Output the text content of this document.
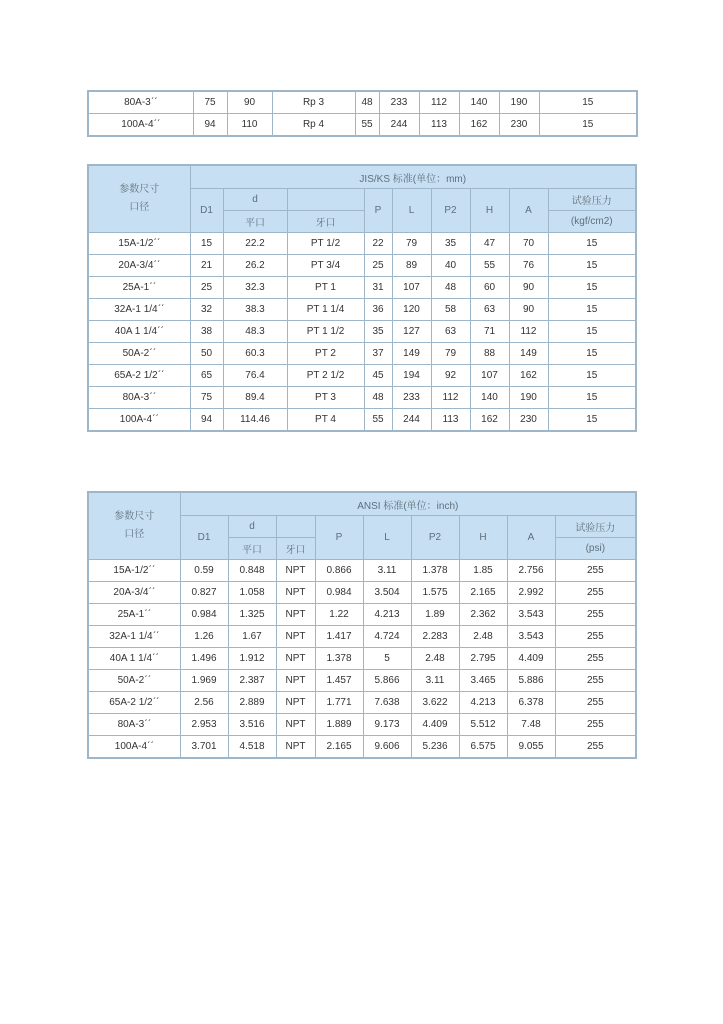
80A-3ˊˊ	75	90	Rp 3	48	233	112	140	190	15
100A-4ˊˊ	94	110	Rp 4	55	244	113	162	230	15
参数尺寸
口径	JIS/KS 标准(单位：mm)								
	D1	d		P	L	P2	H	A	试验压力
		平口	牙口						(kgf/cm2)
15A-1/2ˊˊ	15	22.2	PT 1/2	22	79	35	47	70	15
20A-3/4ˊˊ	21	26.2	PT 3/4	25	89	40	55	76	15
25A-1ˊˊ	25	32.3	PT 1	31	107	48	60	90	15
32A-1 1/4ˊˊ	32	38.3	PT 1 1/4	36	120	58	63	90	15
40A 1 1/4ˊˊ	38	48.3	PT 1 1/2	35	127	63	71	112	15
50A-2ˊˊ	50	60.3	PT 2	37	149	79	88	149	15
65A-2 1/2ˊˊ	65	76.4	PT 2 1/2	45	194	92	107	162	15
80A-3ˊˊ	75	89.4	PT 3	48	233	112	140	190	15
100A-4ˊˊ	94	114.46	PT 4	55	244	113	162	230	15
参数尺寸
口径	ANSI 标准(单位：inch)								
	D1	d		P	L	P2	H	A	试验压力
		平口	牙口						(psi)
15A-1/2ˊˊ	0.59	0.848	NPT	0.866	3.11	1.378	1.85	2.756	255
20A-3/4ˊˊ	0.827	1.058	NPT	0.984	3.504	1.575	2.165	2.992	255
25A-1ˊˊ	0.984	1.325	NPT	1.22	4.213	1.89	2.362	3.543	255
32A-1 1/4ˊˊ	1.26	1.67	NPT	1.417	4.724	2.283	2.48	3.543	255
40A 1 1/4ˊˊ	1.496	1.912	NPT	1.378	5	2.48	2.795	4.409	255
50A-2ˊˊ	1.969	2.387	NPT	1.457	5.866	3.11	3.465	5.886	255
65A-2 1/2ˊˊ	2.56	2.889	NPT	1.771	7.638	3.622	4.213	6.378	255
80A-3ˊˊ	2.953	3.516	NPT	1.889	9.173	4.409	5.512	7.48	255
100A-4ˊˊ	3.701	4.518	NPT	2.165	9.606	5.236	6.575	9.055	255
